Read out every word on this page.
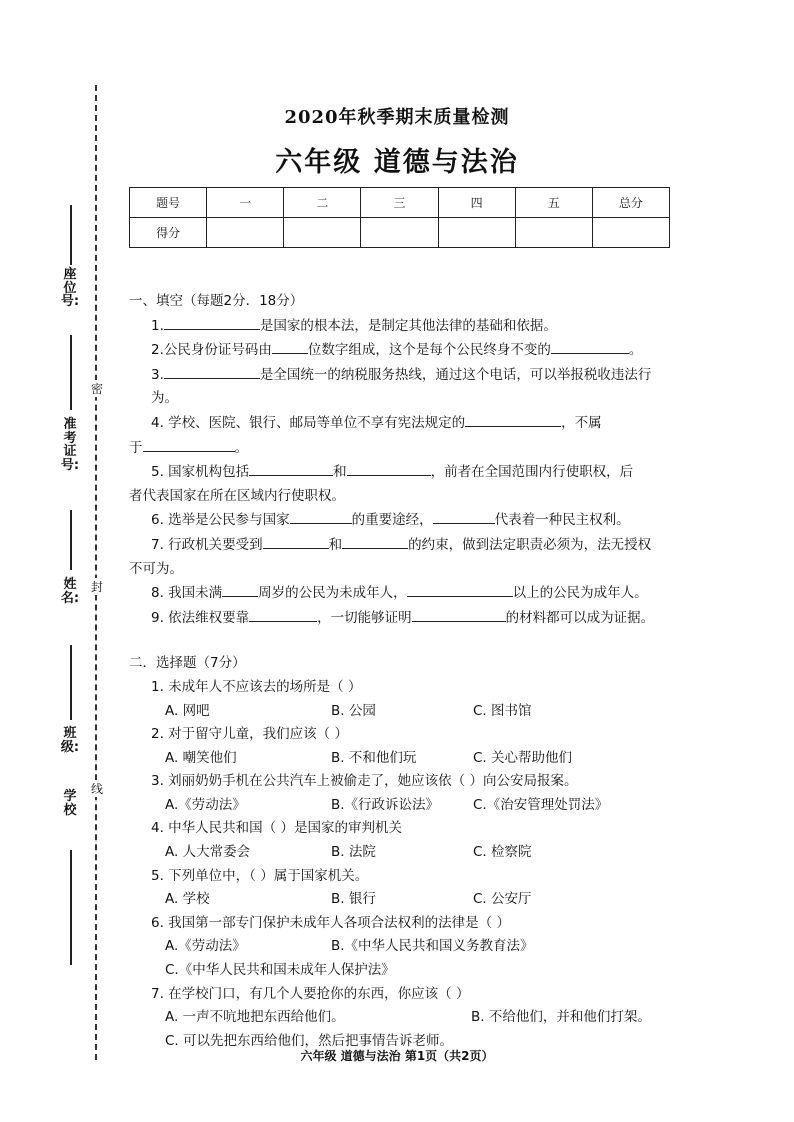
座位号:
准考证号:
姓名:
班级:
学校
密
封
线
2020年秋季期末质量检测
六年级 道德与法治
题号	一	二	三	四	五	总分
得分						

一、填空（每题2分．18分）

1.	是国家的根本法，是制定其他法律的基础和依据。

2.公民身份证号码由	位数字组成，这个是每个公民终身不变的	。

3.	是全国统一的纳税服务热线，通过这个电话，可以举报税收违法行为。

4. 学校、医院、银行、邮局等单位不享有宪法规定的	，不属

于	。

5. 国家机构包括	和	，前者在全国范围内行使职权，后

者代表国家在所在区域内行使职权。

6. 选举是公民参与国家	的重要途经，	代表着一种民主权利。

7. 行政机关要受到	和	的约束，做到法定职责必须为，法无授权

不可为。

8. 我国未满	周岁的公民为未成年人，	以上的公民为成年人。

9. 依法维权要靠	，一切能够证明	的材料都可以成为证据。

二．选择题（7分）

1. 未成年人不应该去的场所是（ ）

A. 网吧	B. 公园	C. 图书馆

2. 对于留守儿童，我们应该（ ）

A. 嘲笑他们	B. 不和他们玩	C. 关心帮助他们

3. 刘丽奶奶手机在公共汽车上被偷走了，她应该依（ ）向公安局报案。

A.《劳动法》	B.《行政诉讼法》	C.《治安管理处罚法》

4. 中华人民共和国（ ）是国家的审判机关

A. 人大常委会	B. 法院	C. 检察院

5. 下列单位中，（ ）属于国家机关。

A. 学校	B. 银行	C. 公安厅

6. 我国第一部专门保护未成年人各项合法权利的法律是（ ）

A.《劳动法》	B.《中华人民共和国义务教育法》
C.《中华人民共和国未成年人保护法》

7. 在学校门口，有几个人要抢你的东西，你应该（ ）

A. 一声不吭地把东西给他们。	B. 不给他们，并和他们打架。
C. 可以先把东西给他们，然后把事情告诉老师。
六年级 道德与法治 第1页（共2页）
